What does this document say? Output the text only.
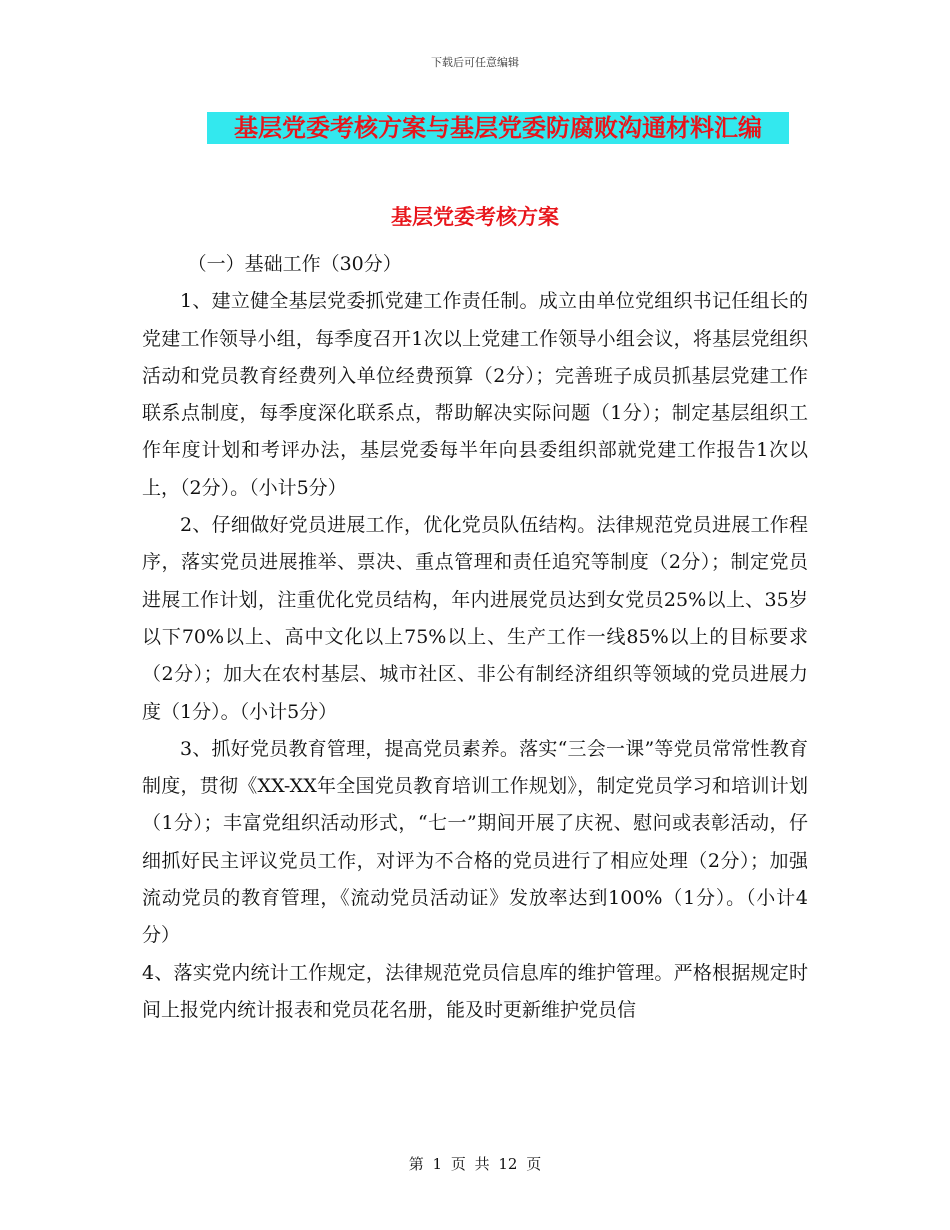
下载后可任意编辑
基层党委考核方案与基层党委防腐败沟通材料汇编
基层党委考核方案

（一）基础工作（30分）

1、建立健全基层党委抓党建工作责任制。成立由单位党组织书记任组长的党建工作领导小组，每季度召开1次以上党建工作领导小组会议，将基层党组织活动和党员教育经费列入单位经费预算（2分）；完善班子成员抓基层党建工作联系点制度，每季度深化联系点，帮助解决实际问题（1分）；制定基层组织工作年度计划和考评办法，基层党委每半年向县委组织部就党建工作报告1次以上，（2分）。（小计5分）

2、仔细做好党员进展工作，优化党员队伍结构。法律规范党员进展工作程序，落实党员进展推举、票决、重点管理和责任追究等制度（2分）；制定党员进展工作计划，注重优化党员结构，年内进展党员达到女党员25%以上、35岁以下70%以上、高中文化以上75%以上、生产工作一线85%以上的目标要求（2分）；加大在农村基层、城市社区、非公有制经济组织等领域的党员进展力度（1分）。（小计5分）

3、抓好党员教育管理，提高党员素养。落实“三会一课”等党员常常性教育制度，贯彻《XX-XX年全国党员教育培训工作规划》，制定党员学习和培训计划（1分）；丰富党组织活动形式，“七一”期间开展了庆祝、慰问或表彰活动，仔细抓好民主评议党员工作，对评为不合格的党员进行了相应处理（2分）；加强流动党员的教育管理，《流动党员活动证》发放率达到100%（1分）。（小计4分）

4、落实党内统计工作规定，法律规范党员信息库的维护管理。严格根据规定时间上报党内统计报表和党员花名册，能及时更新维护党员信

第 1 页 共 12 页
